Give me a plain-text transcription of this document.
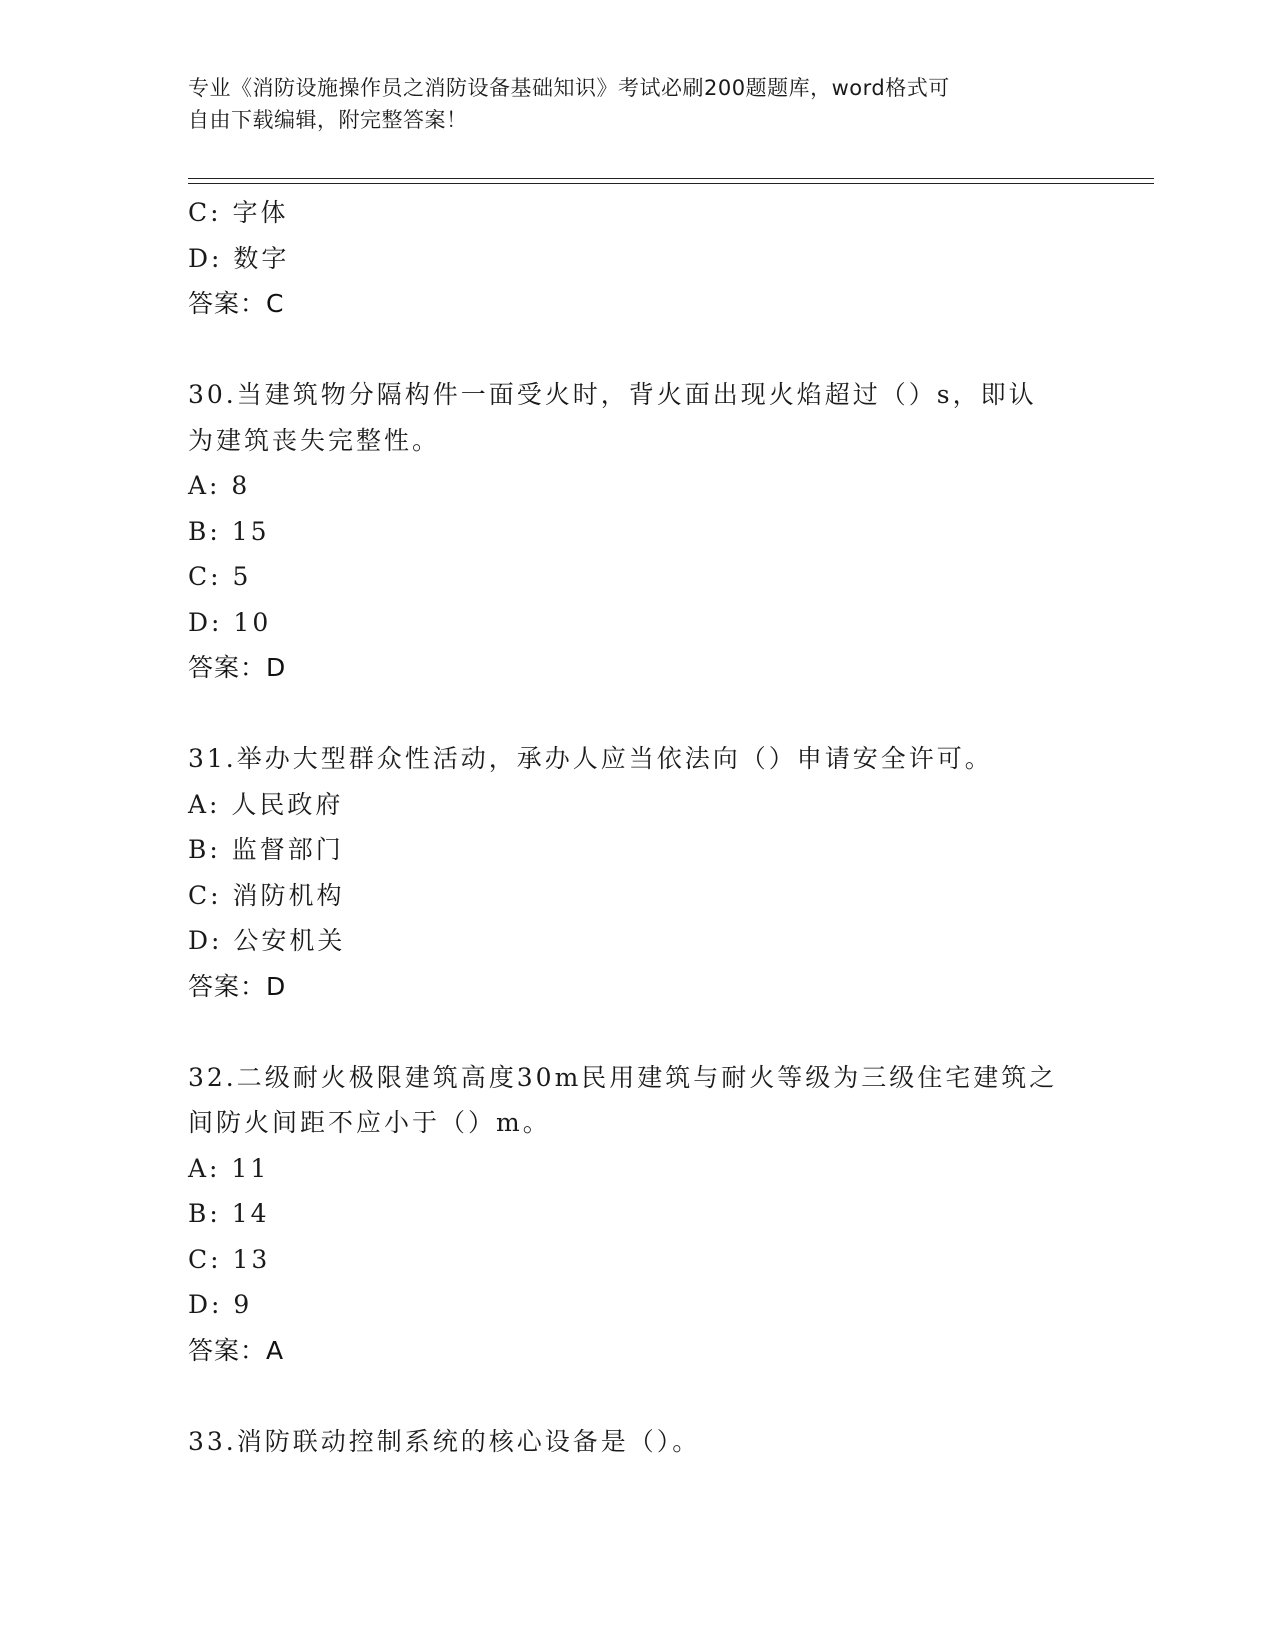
专业《消防设施操作员之消防设备基础知识》考试必刷200题题库，word格式可
自由下载编辑，附完整答案！
C: 字体
D: 数字
答案：C
30.当建筑物分隔构件一面受火时，背火面出现火焰超过（）s，即认
为建筑丧失完整性。
A: 8
B: 15
C: 5
D: 10
答案：D
31.举办大型群众性活动，承办人应当依法向（）申请安全许可。
A: 人民政府
B: 监督部门
C: 消防机构
D: 公安机关
答案：D
32.二级耐火极限建筑高度30m民用建筑与耐火等级为三级住宅建筑之
间防火间距不应小于（）m。
A: 11
B: 14
C: 13
D: 9
答案：A
33.消防联动控制系统的核心设备是（）。
